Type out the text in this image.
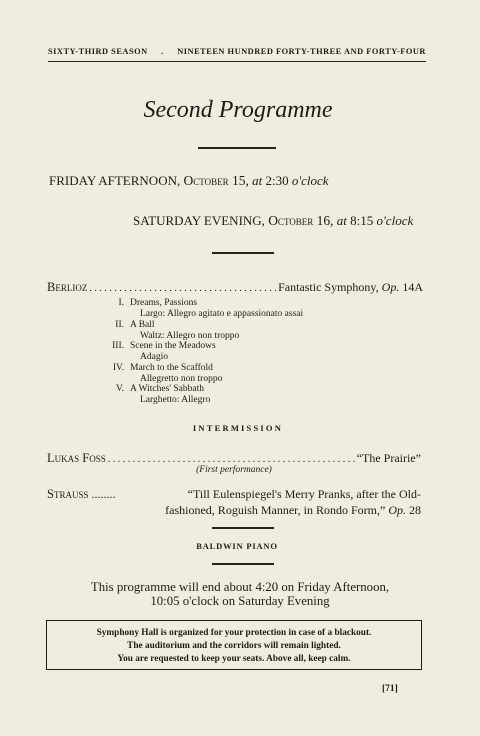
SIXTY-THIRD SEASON . NINETEEN HUNDRED FORTY-THREE AND FORTY-FOUR
Second Programme
FRIDAY AFTERNOON, October 15, at 2:30 o'clock
SATURDAY EVENING, October 16, at 8:15 o'clock
Berlioz . . .	Fantastic Symphony, Op. 14A
I. Dreams, Passions
Largo: Allegro agitato e appassionato assai
II. A Ball
Waltz: Allegro non troppo
III. Scene in the Meadows
Adagio
IV. March to the Scaffold
Allegretto non troppo
V. A Witches' Sabbath
Larghetto: Allegro
INTERMISSION
Lukas Foss . . .	“The Prairie”
(First performance)
Strauss ........	“Till Eulenspiegel's Merry Pranks, after the Old-
fashioned, Roguish Manner, in Rondo Form,” Op. 28
BALDWIN PIANO
This programme will end about 4:20 on Friday Afternoon,
10:05 o'clock on Saturday Evening
Symphony Hall is organized for your protection in case of a blackout.
The auditorium and the corridors will remain lighted.
You are requested to keep your seats. Above all, keep calm.
[71]
